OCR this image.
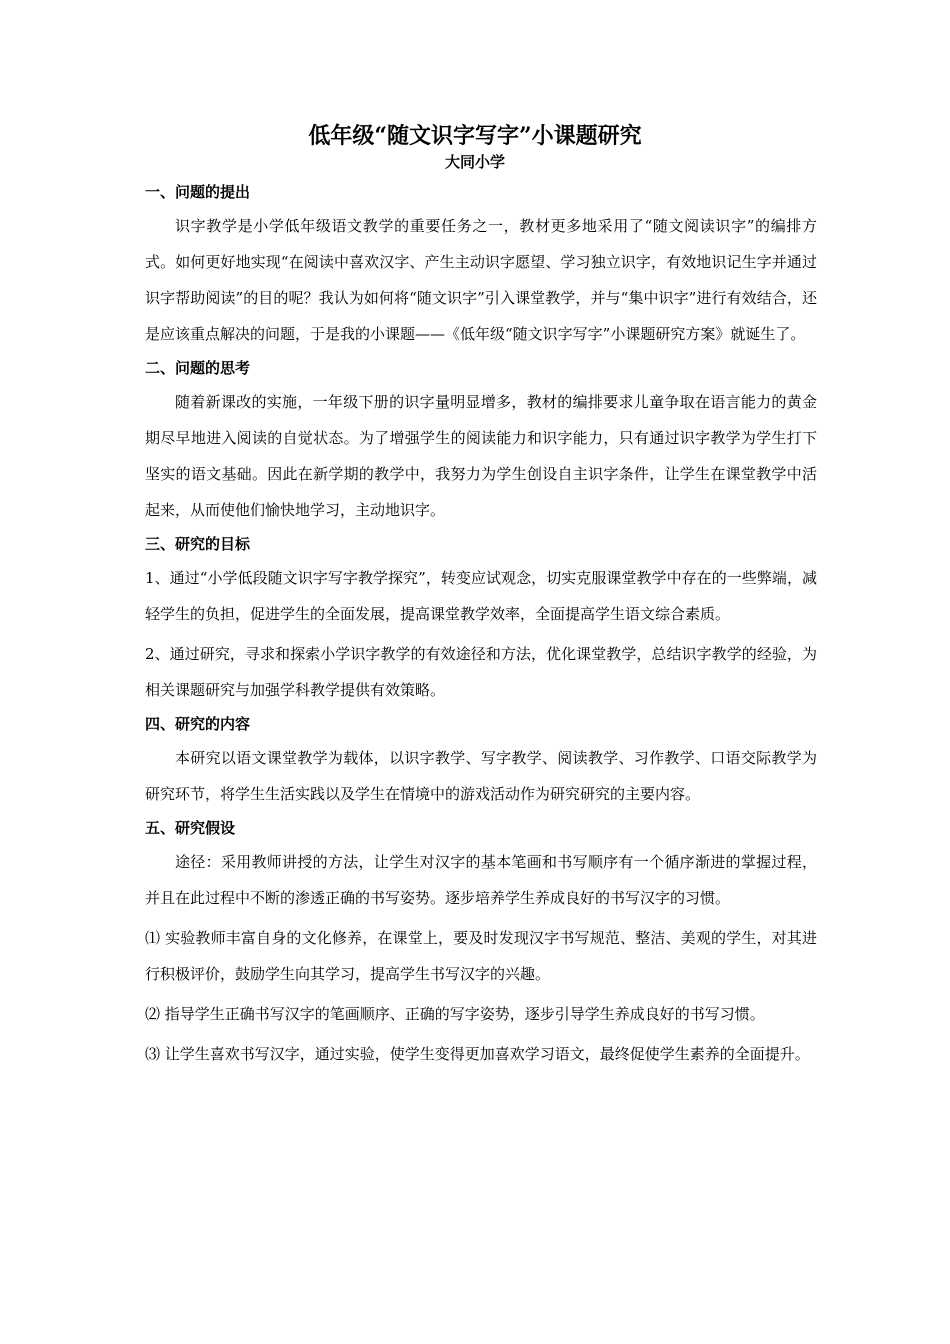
低年级“随文识字写字”小课题研究
大同小学
一、问题的提出

识字教学是小学低年级语文教学的重要任务之一，教材更多地采用了“随文阅读识字”的编排方式。如何更好地实现“在阅读中喜欢汉字、产生主动识字愿望、学习独立识字，有效地识记生字并通过识字帮助阅读”的目的呢？我认为如何将“随文识字”引入课堂教学，并与“集中识字”进行有效结合，还是应该重点解决的问题，于是我的小课题——《低年级“随文识字写字”小课题研究方案》就诞生了。

二、问题的思考

随着新课改的实施，一年级下册的识字量明显增多，教材的编排要求儿童争取在语言能力的黄金期尽早地进入阅读的自觉状态。为了增强学生的阅读能力和识字能力，只有通过识字教学为学生打下坚实的语文基础。因此在新学期的教学中，我努力为学生创设自主识字条件，让学生在课堂教学中活起来，从而使他们愉快地学习，主动地识字。

三、研究的目标

1、通过“小学低段随文识字写字教学探究”，转变应试观念，切实克服课堂教学中存在的一些弊端，减轻学生的负担，促进学生的全面发展，提高课堂教学效率，全面提高学生语文综合素质。

2、通过研究，寻求和探索小学识字教学的有效途径和方法，优化课堂教学，总结识字教学的经验，为相关课题研究与加强学科教学提供有效策略。

四、研究的内容

本研究以语文课堂教学为载体，以识字教学、写字教学、阅读教学、习作教学、口语交际教学为研究环节，将学生生活实践以及学生在情境中的游戏活动作为研究研究的主要内容。

五、研究假设

途径：采用教师讲授的方法，让学生对汉字的基本笔画和书写顺序有一个循序渐进的掌握过程，并且在此过程中不断的渗透正确的书写姿势。逐步培养学生养成良好的书写汉字的习惯。

⑴ 实验教师丰富自身的文化修养，在课堂上，要及时发现汉字书写规范、整洁、美观的学生，对其进行积极评价，鼓励学生向其学习，提高学生书写汉字的兴趣。

⑵ 指导学生正确书写汉字的笔画顺序、正确的写字姿势，逐步引导学生养成良好的书写习惯。

⑶ 让学生喜欢书写汉字，通过实验，使学生变得更加喜欢学习语文，最终促使学生素养的全面提升。
